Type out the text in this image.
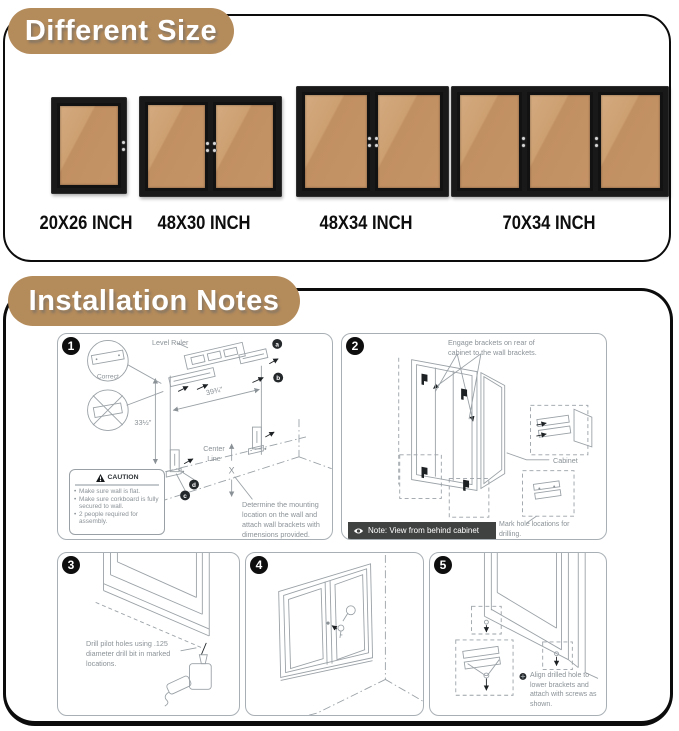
Different Size
20X26 INCH	48X30 INCH	48X34 INCH	70X34 INCH
Installation Notes
1
39¾"
33½"
a
b
c
d
X
Correct
Level Ruler
Center Line
CAUTION
• Make sure wall is flat.
• Make sure corkboard is fully secured to wall.
• 2 people required for assembly.
Determine the mounting location on the wall and attach wall brackets with dimensions provided.
2	Engage brackets on rear of cabinet to the wall brackets.
Cabinet
Mark hole locations for drilling.
Note: View from behind cabinet
3
Drill pilot holes using .125 diameter drill bit in marked locations.
4	5
Align drilled hole to lower brackets and attach with screws as shown.
